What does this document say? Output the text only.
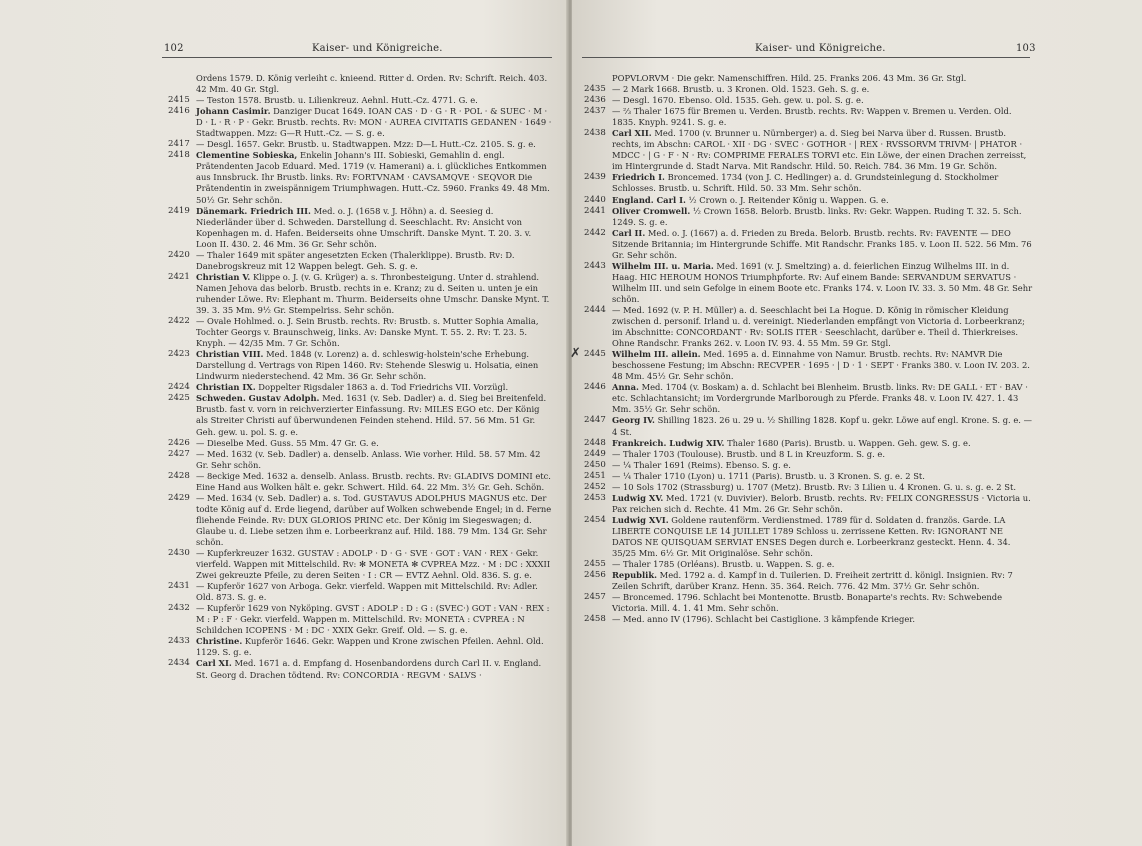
102	Kaiser- und Königreiche.
Ordens 1579. D. König verleiht c. knieend. Ritter d. Orden. Rv: Schrift. Reich. 403. 42 Mm. 40 Gr. Stgl.
2415 — Teston 1578. Brustb. u. Lilienkreuz. Aehnl. Hutt.-Cz. 4771. G. e.
2416 Johann Casimir. Danziger Ducat 1649. IOAN CAS · D · G · R · POL · & SUEC · M · D · L · R · P · Gekr. Brustb. rechts. Rv: MON · AUREA CIVITATIS GEDANEN · 1649 · Stadtwappen. Mzz: G—R Hutt.-Cz. — S. g. e.
2417 — Desgl. 1657. Gekr. Brustb. u. Stadtwappen. Mzz: D—L Hutt.-Cz. 2105. S. g. e.
2418 Clementine Sobieska, Enkelin Johann's III. Sobieski, Gemahlin d. engl. Prätendenten Jacob Eduard. Med. 1719 (v. Hamerani) a. i. glückliches Entkommen aus Innsbruck. Ihr Brustb. links. Rv: FORTVNAM · CAVSAMQVE · SEQVOR Die Prätendentin in zweispännigem Triumphwagen. Hutt.-Cz. 5960. Franks 49. 48 Mm. 50½ Gr. Sehr schön.
2419 Dänemark. Friedrich III. Med. o. J. (1658 v. J. Höhn) a. d. Seesieg d. Niederländer über d. Schweden. Darstellung d. Seeschlacht. Rv: Ansicht von Kopenhagen m. d. Hafen. Beiderseits ohne Umschrift. Danske Mynt. T. 20. 3. v. Loon II. 430. 2. 46 Mm. 36 Gr. Sehr schön.
2420 — Thaler 1649 mit später angesetzten Ecken (Thalerklippe). Brustb. Rv: D. Danebrogskreuz mit 12 Wappen belegt. Geh. S. g. e.
2421 Christian V. Klippe o. J. (v. G. Krüger) a. s. Thronbesteigung. Unter d. strahlend. Namen Jehova das belorb. Brustb. rechts in e. Kranz; zu d. Seiten u. unten je ein ruhender Löwe. Rv: Elephant m. Thurm. Beiderseits ohne Umschr. Danske Mynt. T. 39. 3. 35 Mm. 9½ Gr. Stempelriss. Sehr schön.
2422 — Ovale Hohlmed. o. J. Sein Brustb. rechts. Rv: Brustb. s. Mutter Sophia Amalia, Tochter Georgs v. Braunschweig, links. Av: Danske Mynt. T. 55. 2. Rv: T. 23. 5. Knyph. — 42/35 Mm. 7 Gr. Schön.
2423 Christian VIII. Med. 1848 (v. Lorenz) a. d. schleswig-holstein'sche Erhebung. Darstellung d. Vertrags von Ripen 1460. Rv: Stehende Sleswig u. Holsatia, einen Lindwurm niederstechend. 42 Mm. 36 Gr. Sehr schön.
2424 Christian IX. Doppelter Rigsdaler 1863 a. d. Tod Friedrichs VII. Vorzügl.
2425 Schweden. Gustav Adolph. Med. 1631 (v. Seb. Dadler) a. d. Sieg bei Breitenfeld. Brustb. fast v. vorn in reichverzierter Einfassung. Rv: MILES EGO etc. Der König als Streiter Christi auf überwundenen Feinden stehend. Hild. 57. 56 Mm. 51 Gr. Geh. gew. u. pol. S. g. e.
2426 — Dieselbe Med. Guss. 55 Mm. 47 Gr. G. e.
2427 — Med. 1632 (v. Seb. Dadler) a. denselb. Anlass. Wie vorher. Hild. 58. 57 Mm. 42 Gr. Sehr schön.
2428 — 8eckige Med. 1632 a. denselb. Anlass. Brustb. rechts. Rv: GLADIVS DOMINI etc. Eine Hand aus Wolken hält e. gekr. Schwert. Hild. 64. 22 Mm. 3½ Gr. Geh. Schön.
2429 — Med. 1634 (v. Seb. Dadler) a. s. Tod. GUSTAVUS ADOLPHUS MAGNUS etc. Der todte König auf d. Erde liegend, darüber auf Wolken schwebende Engel; in d. Ferne fliehende Feinde. Rv: DUX GLORIOS PRINC etc. Der König im Siegeswagen; d. Glaube u. d. Liebe setzen ihm e. Lorbeerkranz auf. Hild. 188. 79 Mm. 134 Gr. Sehr schön.
2430 — Kupferkreuzer 1632. GUSTAV : ADOLP · D · G · SVE · GOT : VAN · REX · Gekr. vierfeld. Wappen mit Mittelschild. Rv: ✻ MONETA ✻ CVPREA Mzz. · M : DC : XXXII Zwei gekreuzte Pfeile, zu deren Seiten · I : CR — EVTZ Aehnl. Old. 836. S. g. e.
2431 — Kupferör 1627 von Arboga. Gekr. vierfeld. Wappen mit Mittelschild. Rv: Adler. Old. 873. S. g. e.
2432 — Kupferör 1629 von Nyköping. GVST : ADOLP : D : G : (SVEC·) GOT : VAN · REX : M : P : F · Gekr. vierfeld. Wappen m. Mittelschild. Rv: MONETA : CVPREA : N Schildchen ICOPENS · M : DC · XXIX Gekr. Greif. Old. — S. g. e.
2433 Christine. Kupferör 1646. Gekr. Wappen und Krone zwischen Pfeilen. Aehnl. Old. 1129. S. g. e.
2434 Carl XI. Med. 1671 a. d. Empfang d. Hosenbandordens durch Carl II. v. England. St. Georg d. Drachen tödtend. Rv: CONCORDIA · REGVM · SALVS ·
Kaiser- und Königreiche.	103
POPVLORVM · Die gekr. Namenschiffren. Hild. 25. Franks 206. 43 Mm. 36 Gr. Stgl.
2435 — 2 Mark 1668. Brustb. u. 3 Kronen. Old. 1523. Geh. S. g. e.
2436 — Desgl. 1670. Ebenso. Old. 1535. Geh. gew. u. pol. S. g. e.
2437 — ⅔ Thaler 1675 für Bremen u. Verden. Brustb. rechts. Rv: Wappen v. Bremen u. Verden. Old. 1835. Knyph. 9241. S. g. e.
2438 Carl XII. Med. 1700 (v. Brunner u. Nürnberger) a. d. Sieg bei Narva über d. Russen. Brustb. rechts, im Abschn: CAROL · XII · DG · SVEC · GOTHOR · | REX · RVSSORVM TRIVM· | PHATOR · MDCC · | G · F · N · Rv: COMPRIME FERALES TORVI etc. Ein Löwe, der einen Drachen zerreisst, im Hintergrunde d. Stadt Narva. Mit Randschr. Hild. 50. Reich. 784. 36 Mm. 19 Gr. Schön.
2439 Friedrich I. Broncemed. 1734 (von J. C. Hedlinger) a. d. Grundsteinlegung d. Stockholmer Schlosses. Brustb. u. Schrift. Hild. 50. 33 Mm. Sehr schön.
2440 England. Carl I. ½ Crown o. J. Reitender König u. Wappen. G. e.
2441 Oliver Cromwell. ½ Crown 1658. Belorb. Brustb. links. Rv: Gekr. Wappen. Ruding T. 32. 5. Sch. 1249. S. g. e.
2442 Carl II. Med. o. J. (1667) a. d. Frieden zu Breda. Belorb. Brustb. rechts. Rv: FAVENTE — DEO Sitzende Britannia; im Hintergrunde Schiffe. Mit Randschr. Franks 185. v. Loon II. 522. 56 Mm. 76 Gr. Sehr schön.
2443 Wilhelm III. u. Maria. Med. 1691 (v. J. Smeltzing) a. d. feierlichen Einzug Wilhelms III. in d. Haag. HIC HEROUM HONOS Triumphpforte. Rv: Auf einem Bande: SERVANDUM SERVATUS · Wilhelm III. und sein Gefolge in einem Boote etc. Franks 174. v. Loon IV. 33. 3. 50 Mm. 48 Gr. Sehr schön.
2444 — Med. 1692 (v. P. H. Müller) a. d. Seeschlacht bei La Hogue. D. König in römischer Kleidung zwischen d. personif. Irland u. d. vereinigt. Niederlanden empfängt von Victoria d. Lorbeerkranz; im Abschnitte: CONCORDANT · Rv: SOLIS ITER · Seeschlacht, darüber e. Theil d. Thierkreises. Ohne Randschr. Franks 262. v. Loon IV. 93. 4. 55 Mm. 59 Gr. Stgl.
✗ 2445 Wilhelm III. allein. Med. 1695 a. d. Einnahme von Namur. Brustb. rechts. Rv: NAMVR Die beschossene Festung; im Abschn: RECVPER · 1695 · | D · 1 · SEPT · Franks 380. v. Loon IV. 203. 2. 48 Mm. 45½ Gr. Sehr schön.
2446 Anna. Med. 1704 (v. Boskam) a. d. Schlacht bei Blenheim. Brustb. links. Rv: DE GALL · ET · BAV · etc. Schlachtansicht; im Vordergrunde Marlborough zu Pferde. Franks 48. v. Loon IV. 427. 1. 43 Mm. 35½ Gr. Sehr schön.
2447 Georg IV. Shilling 1823. 26 u. 29 u. ½ Shilling 1828. Kopf u. gekr. Löwe auf engl. Krone. S. g. e. — 4 St.
2448 Frankreich. Ludwig XIV. Thaler 1680 (Paris). Brustb. u. Wappen. Geh. gew. S. g. e.
2449 — Thaler 1703 (Toulouse). Brustb. und 8 L in Kreuzform. S. g. e.
2450 — ¼ Thaler 1691 (Reims). Ebenso. S. g. e.
2451 — ¼ Thaler 1710 (Lyon) u. 1711 (Paris). Brustb. u. 3 Kronen. S. g. e. 2 St.
2452 — 10 Sols 1702 (Strassburg) u. 1707 (Metz). Brustb. Rv: 3 Lilien u. 4 Kronen. G. u. s. g. e. 2 St.
2453 Ludwig XV. Med. 1721 (v. Duvivier). Belorb. Brustb. rechts. Rv: FELIX CONGRESSUS · Victoria u. Pax reichen sich d. Rechte. 41 Mm. 26 Gr. Sehr schön.
2454 Ludwig XVI. Goldene rautenförm. Verdienstmed. 1789 für d. Soldaten d. französ. Garde. LA LIBERTE CONQUISE LE 14 JUILLET 1789 Schloss u. zerrissene Ketten. Rv: IGNORANT NE DATOS NE QUISQUAM SERVIAT ENSES Degen durch e. Lorbeerkranz gesteckt. Henn. 4. 34. 35/25 Mm. 6½ Gr. Mit Originalöse. Sehr schön.
2455 — Thaler 1785 (Orléans). Brustb. u. Wappen. S. g. e.
2456 Republik. Med. 1792 a. d. Kampf in d. Tuilerien. D. Freiheit zertritt d. königl. Insignien. Rv: 7 Zeilen Schrift, darüber Kranz. Henn. 35. 364. Reich. 776. 42 Mm. 37½ Gr. Sehr schön.
2457 — Broncemed. 1796. Schlacht bei Montenotte. Brustb. Bonaparte's rechts. Rv: Schwebende Victoria. Mill. 4. 1. 41 Mm. Sehr schön.
2458 — Med. anno IV (1796). Schlacht bei Castiglione. 3 kämpfende Krieger.
